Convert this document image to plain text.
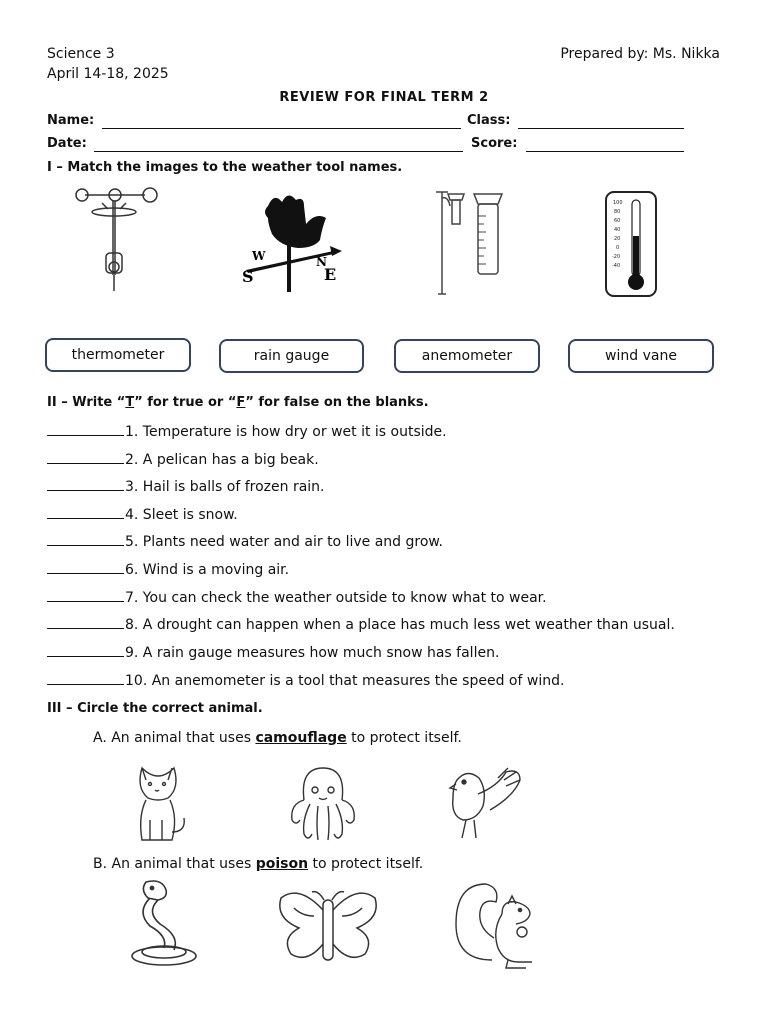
Science 3
April 14-18, 2025
Prepared by: Ms. Nikka
REVIEW FOR FINAL TERM 2
Name:	Class:
Date:	Score:
I – Match the images to the weather tool names.
W	N
S	E
100
80
60
40
20
0
-20
-40
thermometer	rain gauge	anemometer	wind vane
II – Write “T” for true or “F” for false on the blanks.
1. Temperature is how dry or wet it is outside.
2. A pelican has a big beak.
3. Hail is balls of frozen rain.
4. Sleet is snow.
5. Plants need water and air to live and grow.
6. Wind is a moving air.
7. You can check the weather outside to know what to wear.
8. A drought can happen when a place has much less wet weather than usual.
9. A rain gauge measures how much snow has fallen.
10. An anemometer is a tool that measures the speed of wind.
III – Circle the correct animal.
A. An animal that uses camouflage to protect itself.
B. An animal that uses poison to protect itself.
